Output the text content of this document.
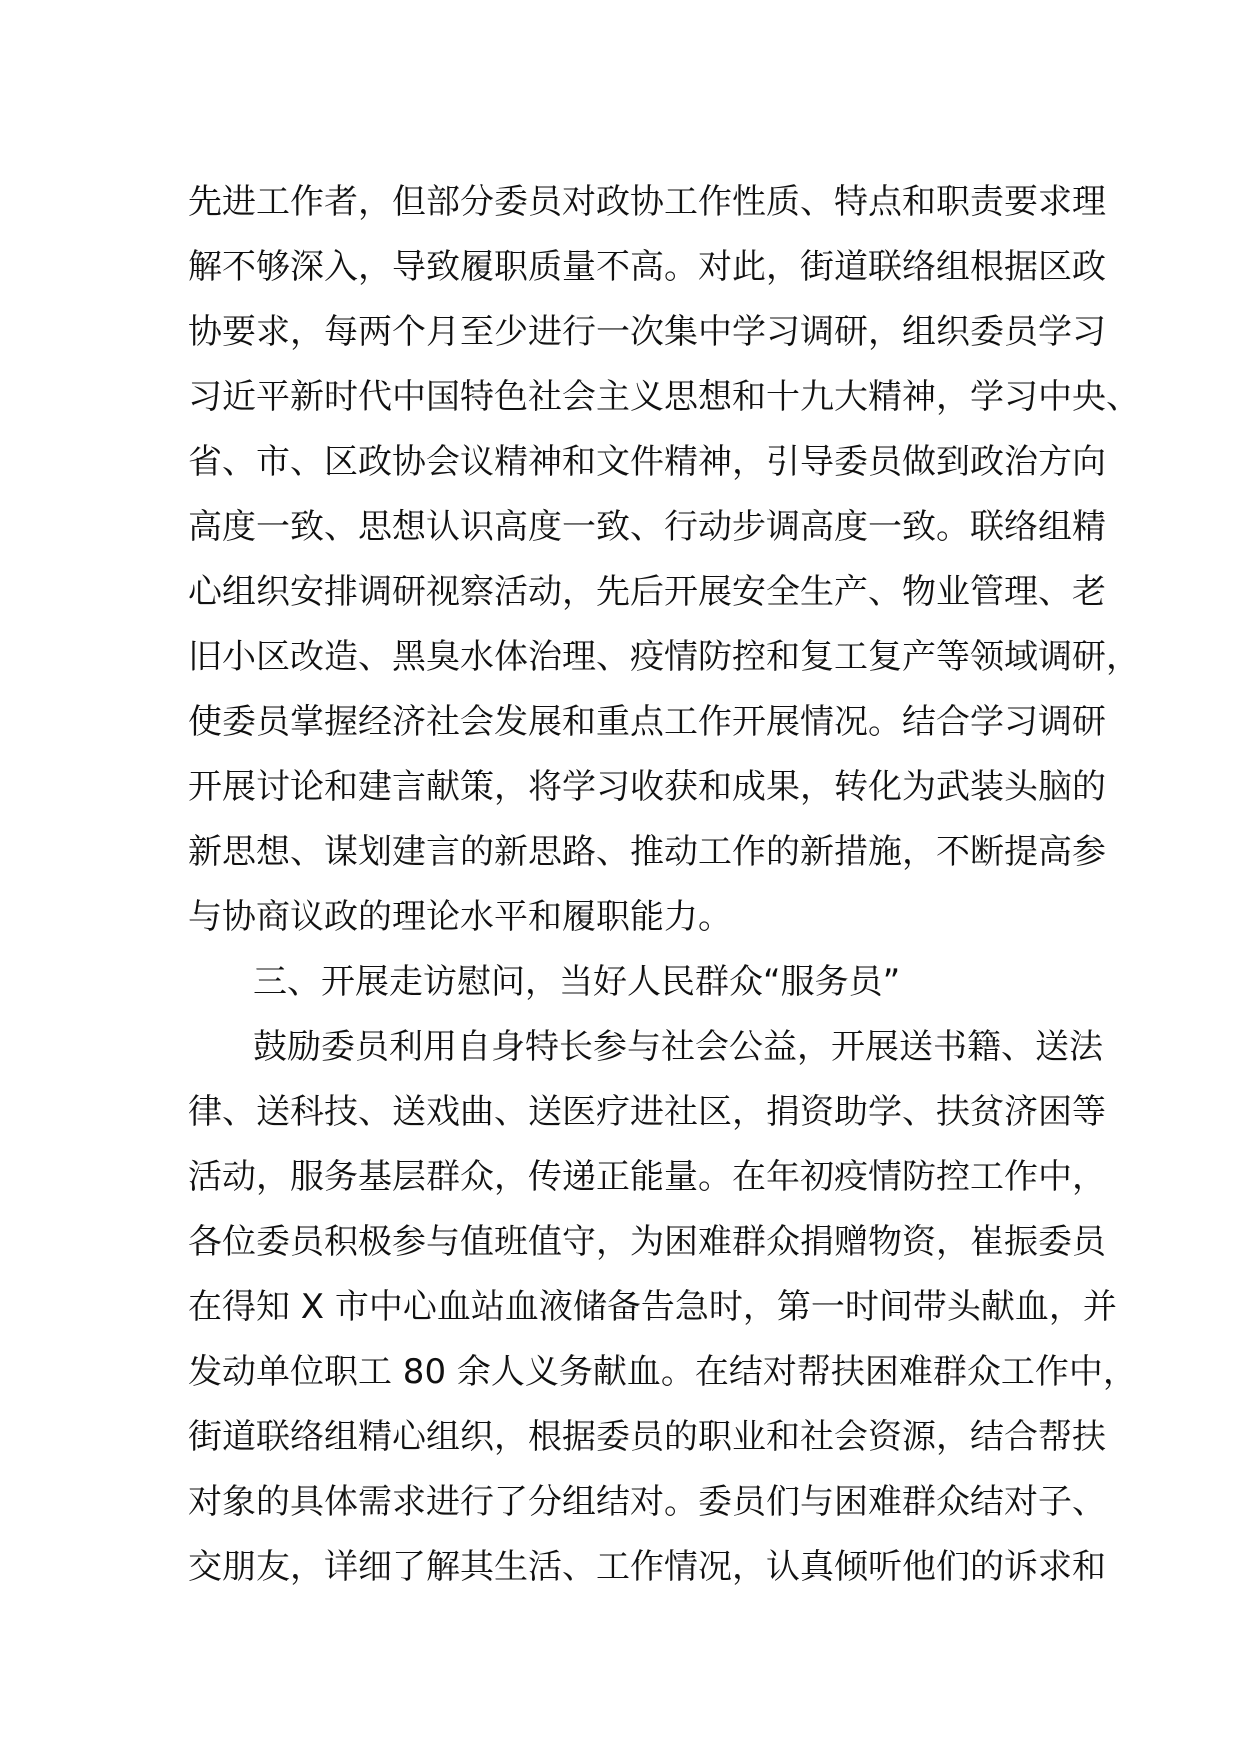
先进工作者，但部分委员对政协工作性质、特点和职责要求理
解不够深入，导致履职质量不高。对此，街道联络组根据区政
协要求，每两个月至少进行一次集中学习调研，组织委员学习
习近平新时代中国特色社会主义思想和十九大精神，学习中央、
省、市、区政协会议精神和文件精神，引导委员做到政治方向
高度一致、思想认识高度一致、行动步调高度一致。联络组精
心组织安排调研视察活动，先后开展安全生产、物业管理、老
旧小区改造、黑臭水体治理、疫情防控和复工复产等领域调研，
使委员掌握经济社会发展和重点工作开展情况。结合学习调研
开展讨论和建言献策，将学习收获和成果，转化为武装头脑的
新思想、谋划建言的新思路、推动工作的新措施，不断提高参
与协商议政的理论水平和履职能力。
三、开展走访慰问，当好人民群众“服务员”
鼓励委员利用自身特长参与社会公益，开展送书籍、送法
律、送科技、送戏曲、送医疗进社区，捐资助学、扶贫济困等
活动，服务基层群众，传递正能量。在年初疫情防控工作中，
各位委员积极参与值班值守，为困难群众捐赠物资，崔振委员
在得知 X 市中心血站血液储备告急时，第一时间带头献血，并
发动单位职工 80 余人义务献血。在结对帮扶困难群众工作中，
街道联络组精心组织，根据委员的职业和社会资源，结合帮扶
对象的具体需求进行了分组结对。委员们与困难群众结对子、
交朋友，详细了解其生活、工作情况，认真倾听他们的诉求和
